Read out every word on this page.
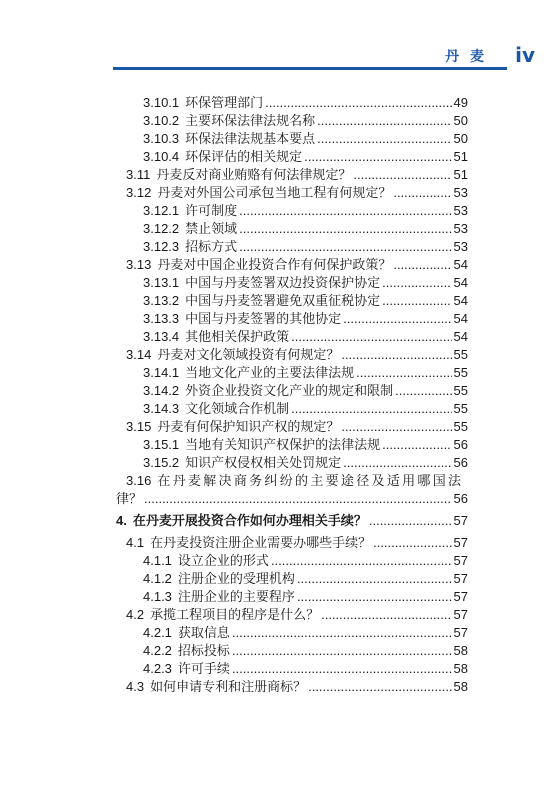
丹 麦 iv
3.10.1 环保管理部门 .....	49
3.10.2 主要环保法律法规名称 .....	50
3.10.3 环保法律法规基本要点 .....	50
3.10.4 环保评估的相关规定 .....	51
3.11 丹麦反对商业贿赂有何法律规定？ .....	51
3.12 丹麦对外国公司承包当地工程有何规定？ .....	53
3.12.1 许可制度 .....	53
3.12.2 禁止领域 .....	53
3.12.3 招标方式 .....	53
3.13 丹麦对中国企业投资合作有何保护政策？ .....	54
3.13.1 中国与丹麦签署双边投资保护协定 .....	54
3.13.2 中国与丹麦签署避免双重征税协定 .....	54
3.13.3 中国与丹麦签署的其他协定 .....	54
3.13.4 其他相关保护政策 .....	54
3.14 丹麦对文化领域投资有何规定？ .....	55
3.14.1 当地文化产业的主要法律法规 .....	55
3.14.2 外资企业投资文化产业的规定和限制 .....	55
3.14.3 文化领域合作机制 .....	55
3.15 丹麦有何保护知识产权的规定？ .....	55
3.15.1 当地有关知识产权保护的法律法规 .....	56
3.15.2 知识产权侵权相关处罚规定 .....	56
3.16 在丹麦解决商务纠纷的主要途径及适用哪国法
律？ .....	56
4. 在丹麦开展投资合作如何办理相关手续？ .....	57
4.1 在丹麦投资注册企业需要办哪些手续？ .....	57
4.1.1 设立企业的形式 .....	57
4.1.2 注册企业的受理机构 .....	57
4.1.3 注册企业的主要程序 .....	57
4.2 承揽工程项目的程序是什么？ .....	57
4.2.1 获取信息 .....	57
4.2.2 招标投标 .....	58
4.2.3 许可手续 .....	58
4.3 如何申请专利和注册商标？ .....	58
